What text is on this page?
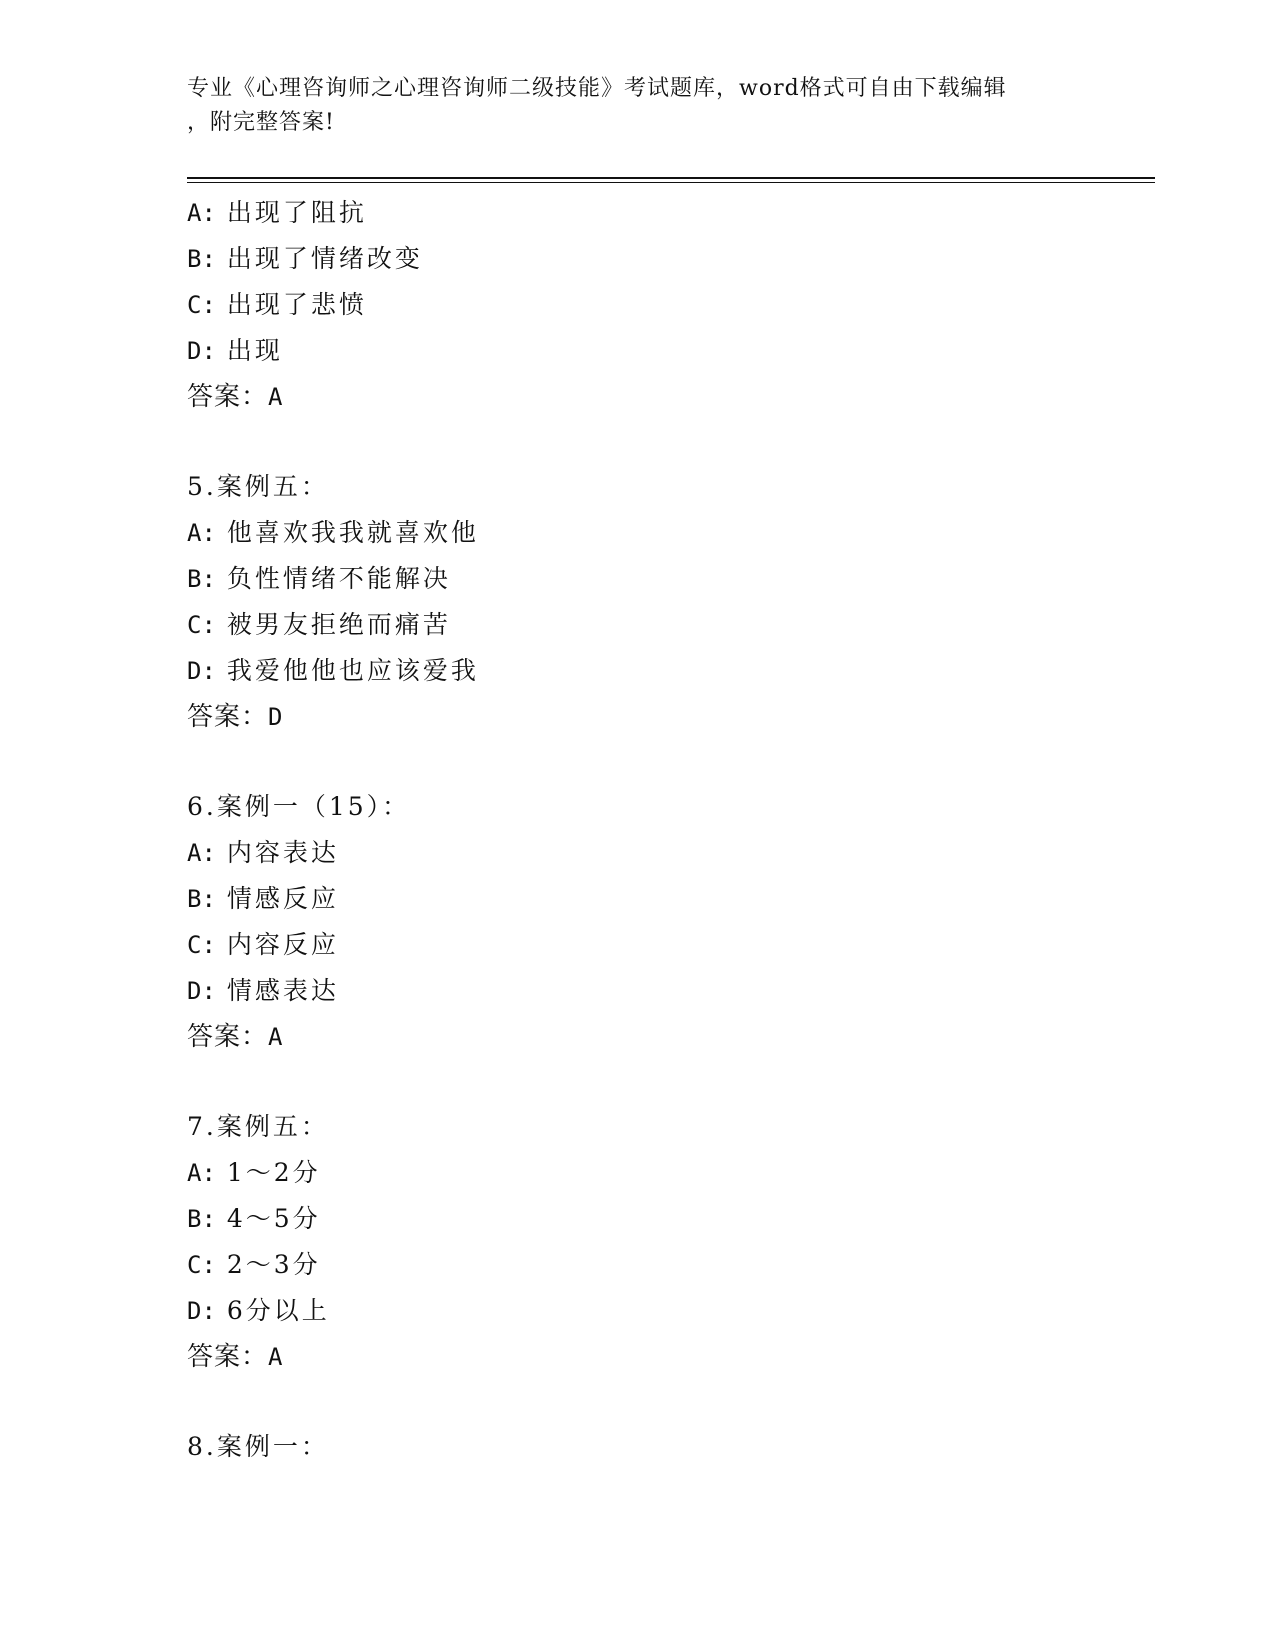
专业《心理咨询师之心理咨询师二级技能》考试题库，word格式可自由下载编辑
，附完整答案!
A: 出现了阻抗
B: 出现了情绪改变
C: 出现了悲愤
D: 出现
答案：A
5.案例五：
A: 他喜欢我我就喜欢他
B: 负性情绪不能解决
C: 被男友拒绝而痛苦
D: 我爱他他也应该爱我
答案：D
6.案例一（15）：
A: 内容表达
B: 情感反应
C: 内容反应
D: 情感表达
答案：A
7.案例五：
A: 1～2分
B: 4～5分
C: 2～3分
D: 6分以上
答案：A
8.案例一：
